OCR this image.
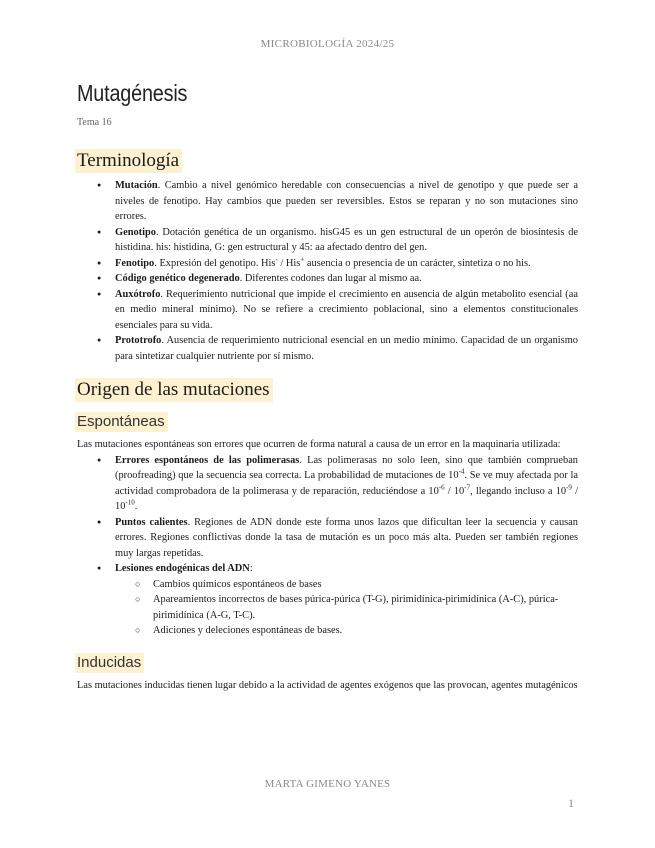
MICROBIOLOGÍA 2024/25
Mutagénesis
Tema 16
Terminología
● Mutación. Cambio a nivel genómico heredable con consecuencias a nivel de genotipo y que puede ser a niveles de fenotipo. Hay cambios que pueden ser reversibles. Estos se reparan y no son mutaciones sino errores.
● Genotipo. Dotación genética de un organismo. hisG45 es un gen estructural de un operón de biosíntesis de histidina. his: histidina, G: gen estructural y 45: aa afectado dentro del gen.
● Fenotipo. Expresión del genotipo. His- / His+ ausencia o presencia de un carácter, sintetiza o no his.
● Código genético degenerado. Diferentes codones dan lugar al mismo aa.
● Auxótrofo. Requerimiento nutricional que impide el crecimiento en ausencia de algún metabolito esencial (aa en medio mineral mínimo). No se refiere a crecimiento poblacional, sino a elementos constitucionales esenciales para su vida.
● Prototrofo. Ausencia de requerimiento nutricional esencial en un medio mínimo. Capacidad de un organismo para sintetizar cualquier nutriente por sí mismo.
Origen de las mutaciones
Espontáneas

Las mutaciones espontáneas son errores que ocurren de forma natural a causa de un error en la maquinaria utilizada:

● Errores espontáneos de las polimerasas. Las polimerasas no solo leen, sino que también comprueban (proofreading) que la secuencia sea correcta. La probabilidad de mutaciones de $10^{-4}$. Se ve muy afectada por la actividad comprobadora de la polimerasa y de reparación, reduciéndose a $10^{-6} / 10^{-7}$, llegando incluso a $10^{-9} / 10^{-10}$.
● Puntos calientes. Regiones de ADN donde este forma unos lazos que dificultan leer la secuencia y causan errores. Regiones conflictivas donde la tasa de mutación es un poco más alta. Pueden ser también regiones muy largas repetidas.
● Lesiones endogénicas del ADN:
○ Cambios químicos espontáneos de bases
○ Apareamientos incorrectos de bases púrica-púrica (T-G), pirimidínica-pirimidínica (A-C), púrica-pirimidínica (A-G, T-C).
○ Adiciones y deleciones espontáneas de bases.
Inducidas

Las mutaciones inducidas tienen lugar debido a la actividad de agentes exógenos que las provocan, agentes mutagénicos

MARTA GIMENO YANES
1
